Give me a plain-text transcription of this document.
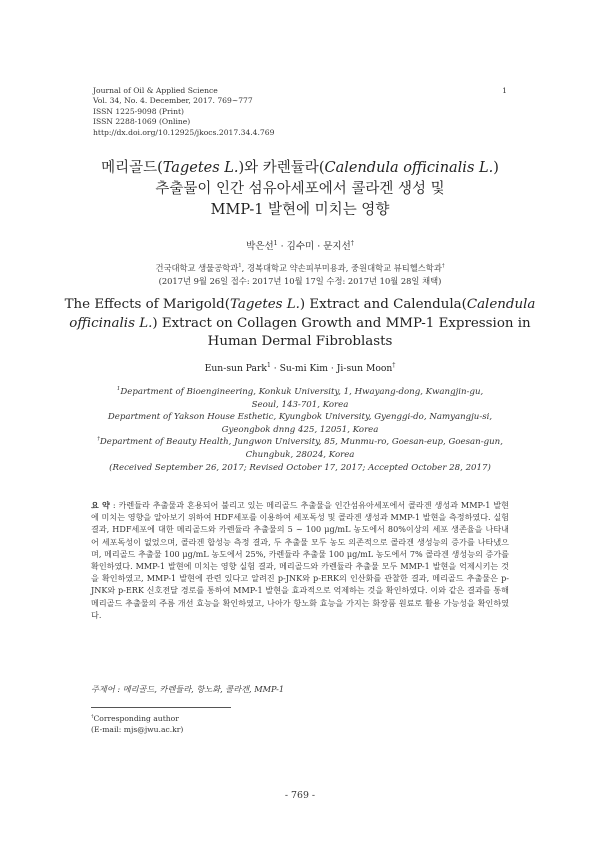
Journal of Oil & Applied Science
Vol. 34, No. 4. December, 2017. 769~777
ISSN 1225-9098 (Print)
ISSN 2288-1069 (Online)
http://dx.doi.org/10.12925/jkocs.2017.34.4.769
1
메리골드(Tagetes L.)와 카렌듈라(Calendula officinalis L.)
추출물이 인간 섬유아세포에서 콜라겐 생성 및
MMP-1 발현에 미치는 영향
박은선$^1$ · 김수미 · 문지선†
건국대학교 생물공학과$^1$, 경복대학교 약손피부미용과, 중원대학교 뷰티헬스학과†
(2017년 9월 26일 접수: 2017년 10월 17일 수정: 2017년 10월 28일 채택)
The Effects of Marigold(Tagetes L.) Extract and Calendula(Calendula
officinalis L.) Extract on Collagen Growth and MMP-1 Expression in
Human Dermal Fibroblasts
Eun-sun Park$^1$ · Su-mi Kim · Ji-sun Moon†
$^1$Department of Bioengineering, Konkuk University, 1, Hwayang-dong, Kwangjin-gu,
Seoul, 143-701, Korea
Department of Yakson House Esthetic, Kyungbok University, Gyenggi-do, Namyangju-si,
Gyeongbok dnng 425, 12051, Korea
†Department of Beauty Health, Jungwon University, 85, Munmu-ro, Goesan-eup, Goesan-gun,
Chungbuk, 28024, Korea
(Received September 26, 2017; Revised October 17, 2017; Accepted October 28, 2017)
요 약 : 카렌듈라 추출물과 혼용되어 불리고 있는 메리골드 추출물을 인간섬유아세포에서 콜라겐 생성과 MMP-1 발현에 미치는 영향을 알아보기 위하여 HDF세포를 이용하여 세포독성 및 콜라겐 생성과 MMP-1 발현을 측정하였다. 실험 결과, HDF세포에 대한 메리골드와 카렌듈라 추출물의 5 ~ 100 μg/mL 농도에서 80%이상의 세포 생존율을 나타내어 세포독성이 없었으며, 콜라겐 합성능 측정 결과, 두 추출물 모두 농도 의존적으로 콜라겐 생성능의 증가를 나타냈으며, 메리골드 추출물 100 μg/mL 농도에서 25%, 카렌듈라 추출물 100 μg/mL 농도에서 7% 콜라겐 생성능의 증가를 확인하였다. MMP-1 발현에 미치는 영향 실험 결과, 메리골드와 카렌듈라 추출물 모두 MMP-1 발현을 억제시키는 것을 확인하였고, MMP-1 발현에 관련 있다고 알려진 p-JNK와 p-ERK의 인산화를 관찰한 결과, 메리골드 추출물은 p-JNK와 p-ERK 신호전달 경로를 통하여 MMP-1 발현을 효과적으로 억제하는 것을 확인하였다. 이와 같은 결과를 통해 메리골드 추출물의 주름 개선 효능을 확인하였고, 나아가 항노화 효능을 가지는 화장품 원료로 활용 가능성을 확인하였다.
주제어 : 메리골드, 카렌듈라, 항노화, 콜라겐, MMP-1
†Corresponding author
(E-mail: mjs@jwu.ac.kr)
- 769 -
